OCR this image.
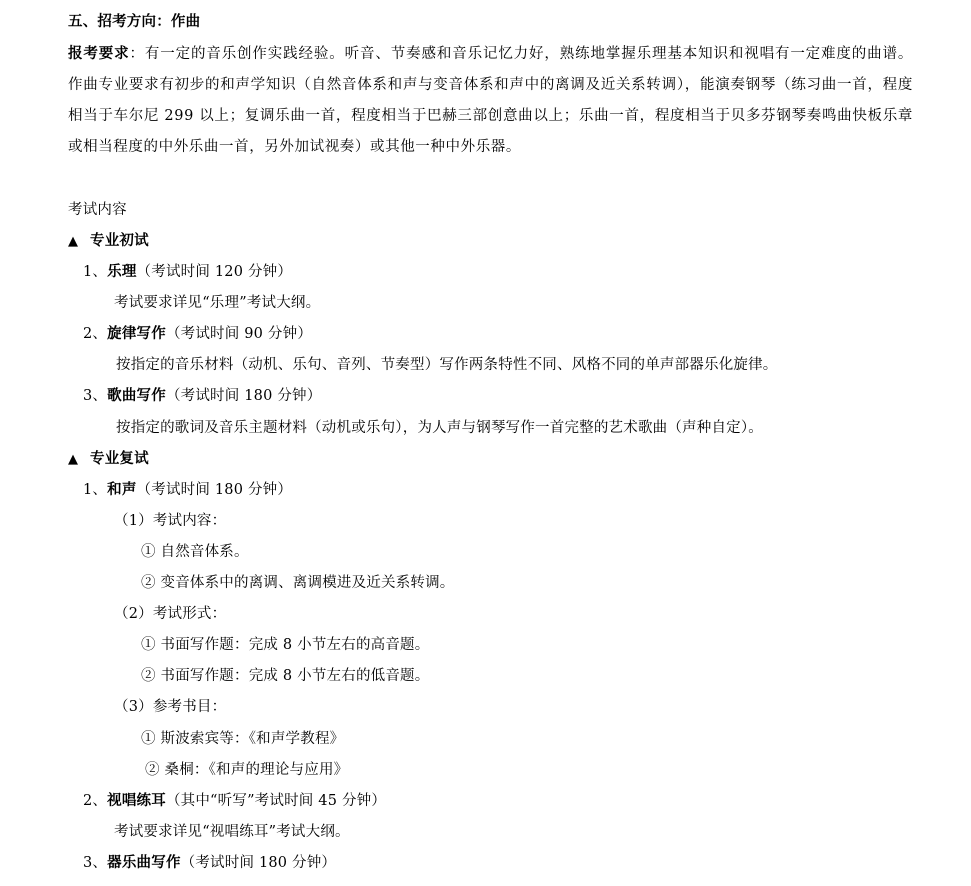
五、招考方向：作曲
报考要求：有一定的音乐创作实践经验。听音、节奏感和音乐记忆力好，熟练地掌握乐理基本知识和视唱有一定难度的曲谱。作曲专业要求有初步的和声学知识（自然音体系和声与变音体系和声中的离调及近关系转调），能演奏钢琴（练习曲一首，程度相当于车尔尼 299 以上；复调乐曲一首，程度相当于巴赫三部创意曲以上；乐曲一首，程度相当于贝多芬钢琴奏鸣曲快板乐章或相当程度的中外乐曲一首，另外加试视奏）或其他一种中外乐器。
考试内容
▲ 专业初试
1、乐理（考试时间 120 分钟）
考试要求详见“乐理”考试大纲。
2、旋律写作（考试时间 90 分钟）
按指定的音乐材料（动机、乐句、音列、节奏型）写作两条特性不同、风格不同的单声部器乐化旋律。
3、歌曲写作（考试时间 180 分钟）
按指定的歌词及音乐主题材料（动机或乐句），为人声与钢琴写作一首完整的艺术歌曲（声种自定）。
▲ 专业复试
1、和声（考试时间 180 分钟）
（1）考试内容：
① 自然音体系。
② 变音体系中的离调、离调模进及近关系转调。
（2）考试形式：
① 书面写作题：完成 8 小节左右的高音题。
② 书面写作题：完成 8 小节左右的低音题。
（3）参考书目：
① 斯波索宾等：《和声学教程》
② 桑桐：《和声的理论与应用》
2、视唱练耳（其中“听写”考试时间 45 分钟）
考试要求详见“视唱练耳”考试大纲。
3、器乐曲写作（考试时间 180 分钟）
